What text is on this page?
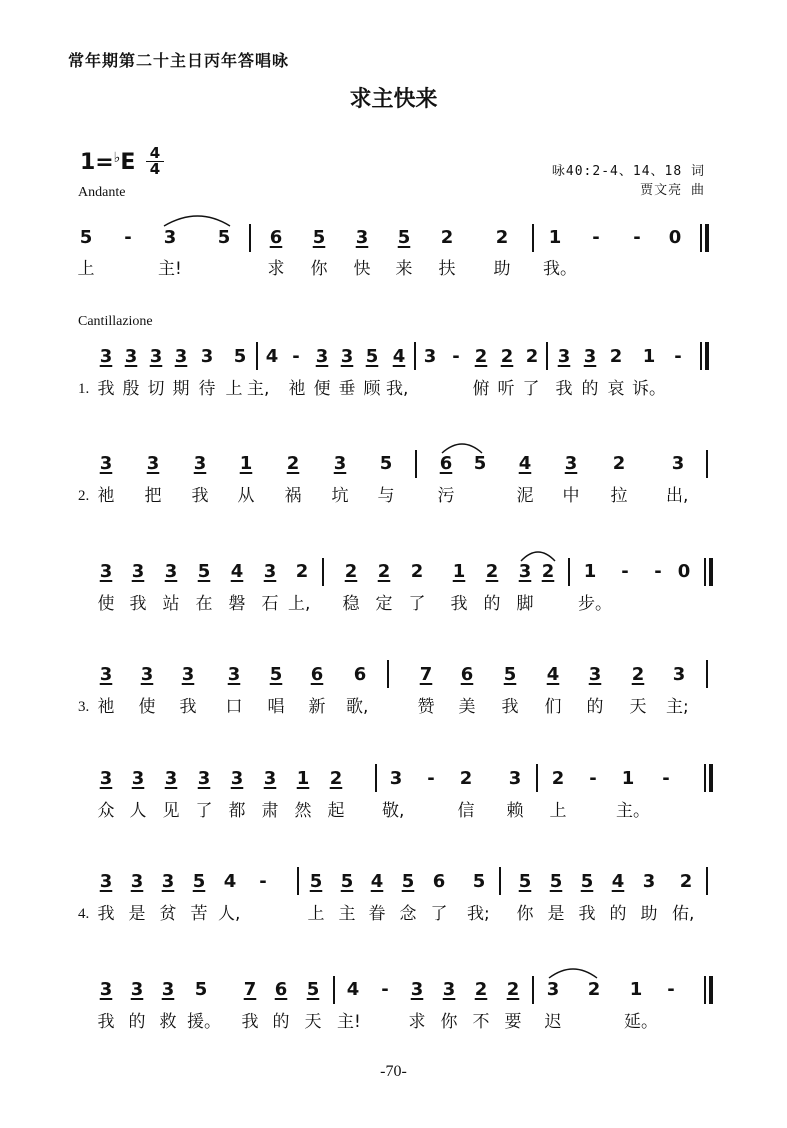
常年期第二十主日丙年答唱咏
求主快来
1=♭E 4
4
Andante
咏40:2-4、14、18 词
贾文亮 曲
5	-	3 5 6 5 3 5 2 2 1	-	-	0
上	主!	求 你 快 来 扶 助 我。
Cantillazione
3 3 3 3 3 5 4 - 3 3 5 4 3 - 2 2 2 3 3 2 1	-
1. 我 殷 切 期 待 上 主,	祂 便 垂 顾 我,	俯 听 了 我 的 哀 诉。
3 3 3 1 2 3 5	6 5 4 3 2	3
2. 祂 把 我 从 祸 坑 与	污	泥 中 拉 出,
3 3 3 5 4 3 2 2 2 2 1 2 3 2 1	-	- 0
使 我 站 在 磐 石 上,	稳 定 了 我 的 脚	步。
3 3 3 3 5 6 6	7 6 5 4 3 2 3
3. 祂 使 我 口 唱 新 歌,	赞 美 我 们 的 天 主;
3 3 3 3 3 3 1 2	3	-	2 3 2	-	1	-
众 人 见 了 都 肃 然 起 敬,	信 赖 上	主。
3 3 3 5 4	-	5 5 4 5 6 5 5 5 5 4 3 2
4. 我 是 贫 苦 人,	上 主 眷 念 了 我;	你 是 我 的 助 佑,
3 3 3 5 7 6 5 4	-	3 3 2 2 3 2 1	-
我 的 救 援。 我 的 天 主!	求 你 不 要 迟	延。
-70-
